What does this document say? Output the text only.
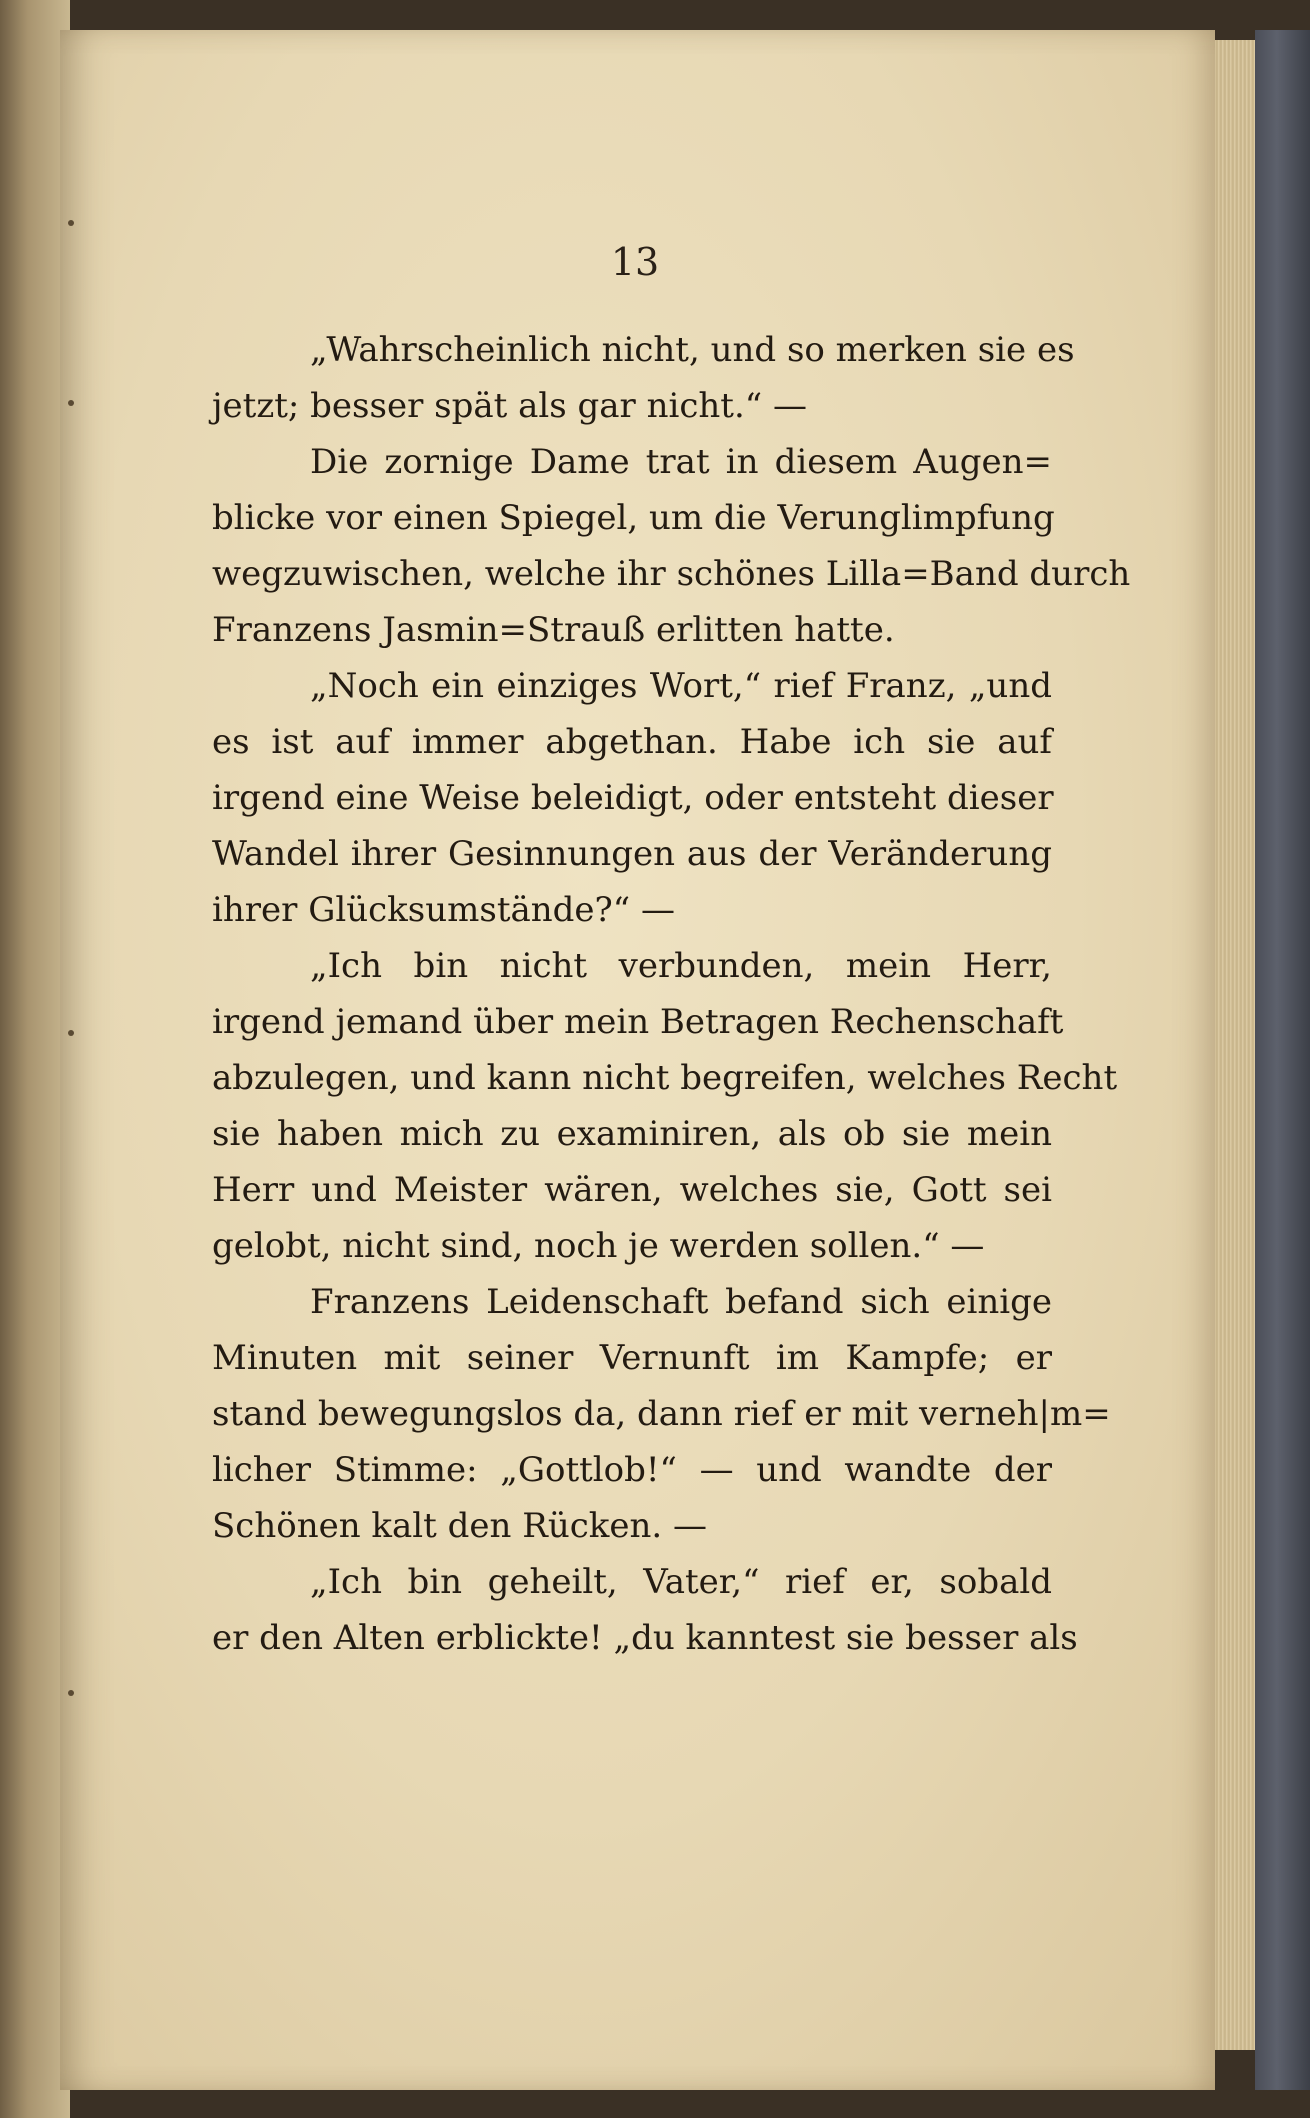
13
„Wahrscheinlich nicht, und so merken sie es
jetzt; besser spät als gar nicht.“ —
Die zornige Dame trat in diesem Augen=
blicke vor einen Spiegel, um die Verunglimpfung
wegzuwischen, welche ihr schönes Lilla=Band durch
Franzens Jasmin=Strauß erlitten hatte.
„Noch ein einziges Wort,“ rief Franz, „und
es ist auf immer abgethan. Habe ich sie auf
irgend eine Weise beleidigt, oder entsteht dieser
Wandel ihrer Gesinnungen aus der Veränderung
ihrer Glücksumstände?“ —
„Ich bin nicht verbunden, mein Herr,
irgend jemand über mein Betragen Rechenschaft
abzulegen, und kann nicht begreifen, welches Recht
sie haben mich zu examiniren, als ob sie mein
Herr und Meister wären, welches sie, Gott sei
gelobt, nicht sind, noch je werden sollen.“ —
Franzens Leidenschaft befand sich einige
Minuten mit seiner Vernunft im Kampfe; er
stand bewegungslos da, dann rief er mit verneh|m=
licher Stimme: „Gottlob!“ — und wandte der
Schönen kalt den Rücken. —
„Ich bin geheilt, Vater,“ rief er, sobald
er den Alten erblickte! „du kanntest sie besser als
